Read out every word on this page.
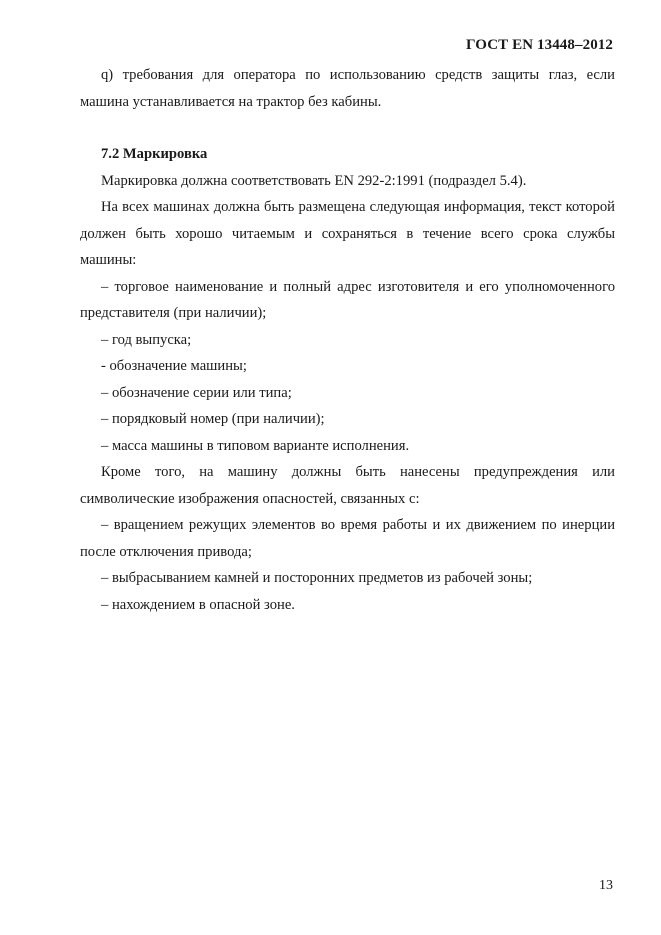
ГОСТ EN 13448–2012

q) требования для оператора по использованию средств защиты глаз, если машина устанавливается на трактор без кабины.

7.2 Маркировка

Маркировка должна соответствовать EN 292-2:1991 (подраздел 5.4).

На всех машинах должна быть размещена следующая информация, текст которой должен быть хорошо читаемым и сохраняться в течение всего срока службы машины:

– торговое наименование и полный адрес изготовителя и его уполномоченного представителя (при наличии);

– год выпуска;

- обозначение машины;

– обозначение серии или типа;

– порядковый номер (при наличии);

– масса машины в типовом варианте исполнения.

Кроме того, на машину должны быть нанесены предупреждения или символические изображения опасностей, связанных с:

– вращением режущих элементов во время работы и их движением по инерции после отключения привода;

– выбрасыванием камней и посторонних предметов из рабочей зоны;

– нахождением в опасной зоне.

13
